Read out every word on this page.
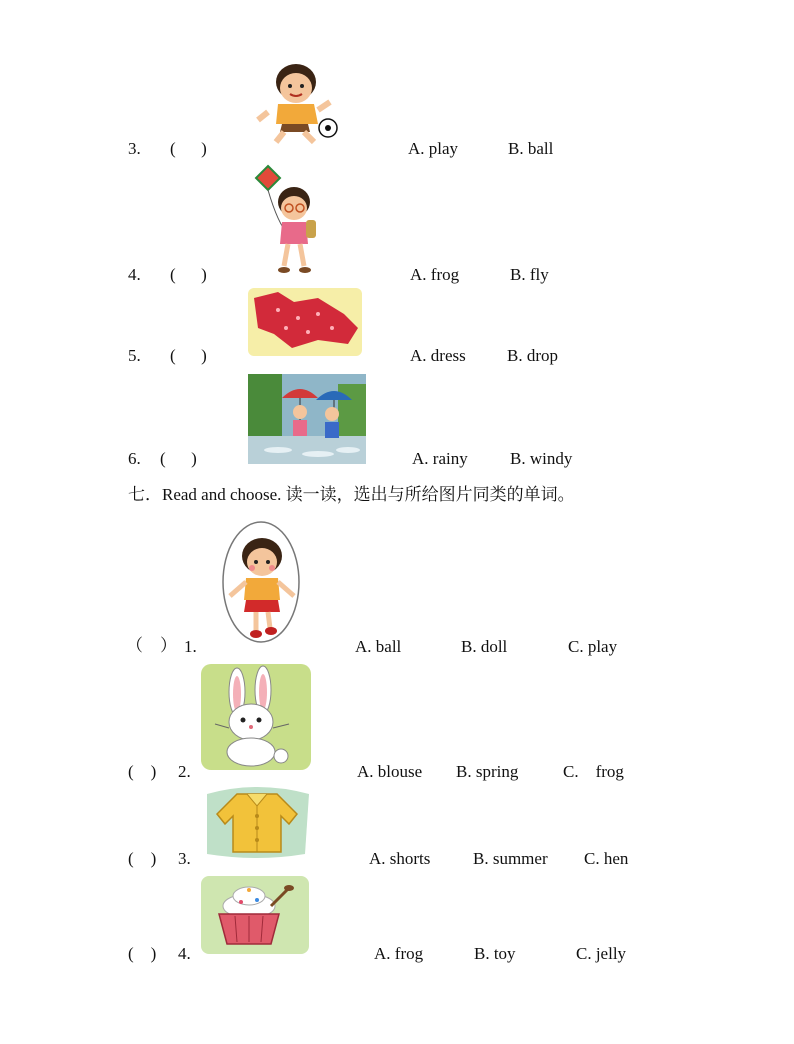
3. (      )	A. play	B. ball
4. (      )	A. frog	B. fly
5. (      )	A. dress B. drop
6. (      )	A. rainy B. windy
七．Read and choose. 读一读，选出与所给图片同类的单词。
（    ） 1.	A. ball	B. doll	C. play
(    ) 2.	A. blouse B. spring	C.    frog
(    ) 3.	A. shorts	B. summer C. hen
(    ) 4.	A. frog	B. toy	C. jelly
